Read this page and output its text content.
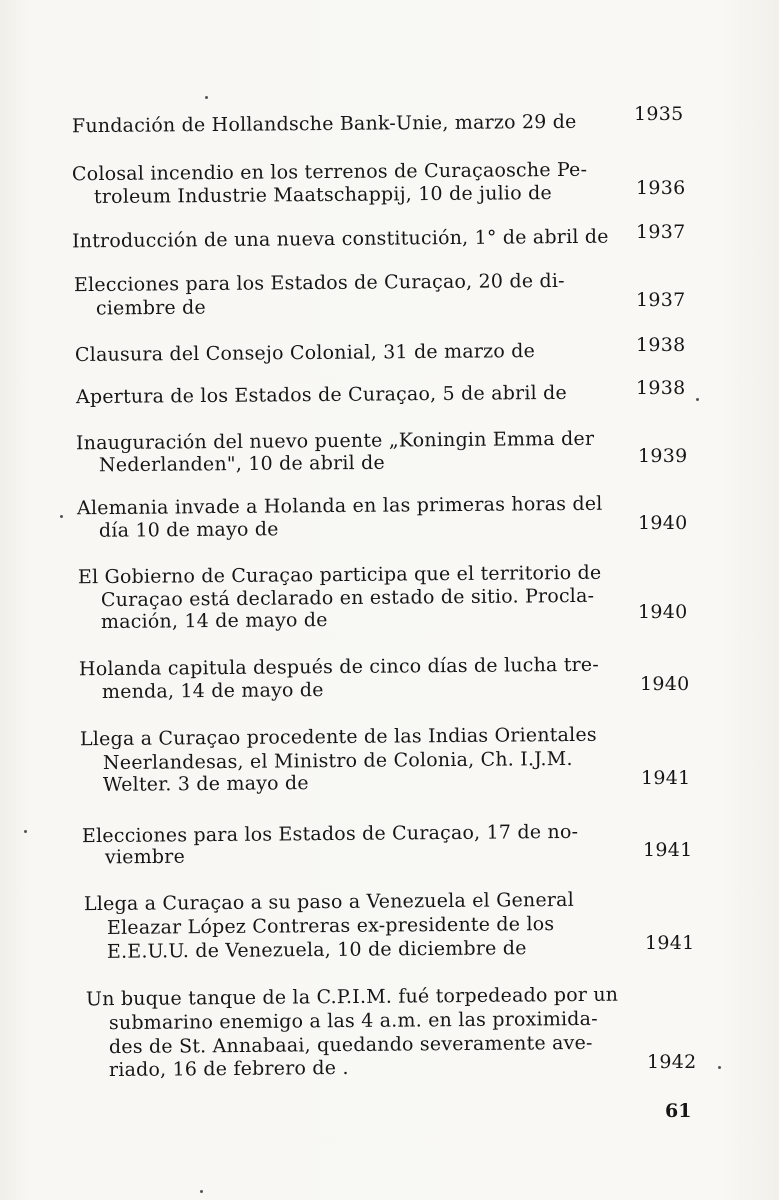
Fundación de Hollandsche Bank-Unie, marzo 29 de	1935
Colosal incendio en los terrenos de Curaçaosche Pe-
troleum Industrie Maatschappij, 10 de julio de	1936
Introducción de una nueva constitución, 1° de abril de 1937
Elecciones para los Estados de Curaçao, 20 de di-
ciembre de	1937
Clausura del Consejo Colonial, 31 de marzo de	1938
Apertura de los Estados de Curaçao, 5 de abril de	1938
Inauguración del nuevo puente „Koningin Emma der
Nederlanden", 10 de abril de	1939
Alemania invade a Holanda en las primeras horas del
día 10 de mayo de	1940
El Gobierno de Curaçao participa que el territorio de
Curaçao está declarado en estado de sitio. Procla-
mación, 14 de mayo de	1940
Holanda capitula después de cinco días de lucha tre-
menda, 14 de mayo de	1940
Llega a Curaçao procedente de las Indias Orientales
Neerlandesas, el Ministro de Colonia, Ch. I.J.M.
Welter. 3 de mayo de	1941
Elecciones para los Estados de Curaçao, 17 de no-
viembre	1941
Llega a Curaçao a su paso a Venezuela el General
Eleazar López Contreras ex-presidente de los
E.E.U.U. de Venezuela, 10 de diciembre de	1941
Un buque tanque de la C.P.I.M. fué torpedeado por un
submarino enemigo a las 4 a.m. en las proximida-
des de St. Annabaai, quedando severamente ave-
riado, 16 de febrero de .	1942
61
